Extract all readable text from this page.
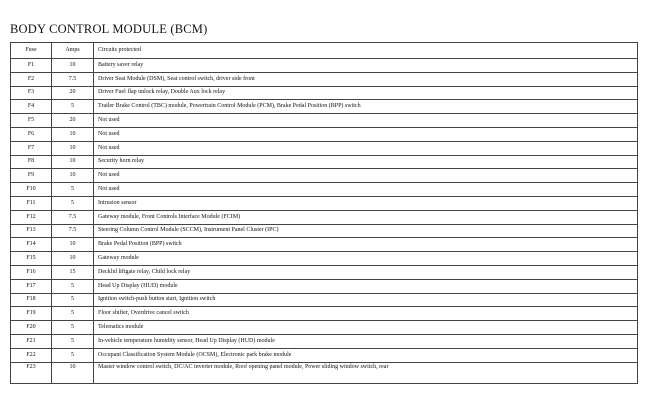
BODY CONTROL MODULE (BCM)
Fuse	Amps	Circuits protected
F1	10	Battery saver relay
F2	7.5	Driver Seat Module (DSM), Seat control switch, driver side front
F3	20	Driver Fuel flap unlock relay, Double Aux lock relay
F4	5	Trailer Brake Control (TBC) module, Powertrain Control Module (PCM), Brake Pedal Position (BPP) switch
F5	20	Not used
F6	10	Not used
F7	10	Not used
F8	10	Security horn relay
F9	10	Not used
F10	5	Not used
F11	5	Intrusion sensor
F12	7.5	Gateway module, Front Controls Interface Module (FCIM)
F13	7.5	Steering Column Control Module (SCCM), Instrument Panel Cluster (IPC)
F14	10	Brake Pedal Position (BPP) switch
F15	10	Gateway module
F16	15	Decklid liftgate relay, Child lock relay
F17	5	Head Up Display (HUD) module
F18	5	Ignition switch-push button start, Ignition switch
F19	5	Floor shifter, Overdrive cancel switch
F20	5	Telematics module
F21	5	In-vehicle temperature humidity sensor, Head Up Display (HUD) module
F22	5	Occupant Classification System Module (OCSM), Electronic park brake module
F23	10	Master window control switch, DC/AC inverter module, Roof opening panel module, Power sliding window switch, rear
